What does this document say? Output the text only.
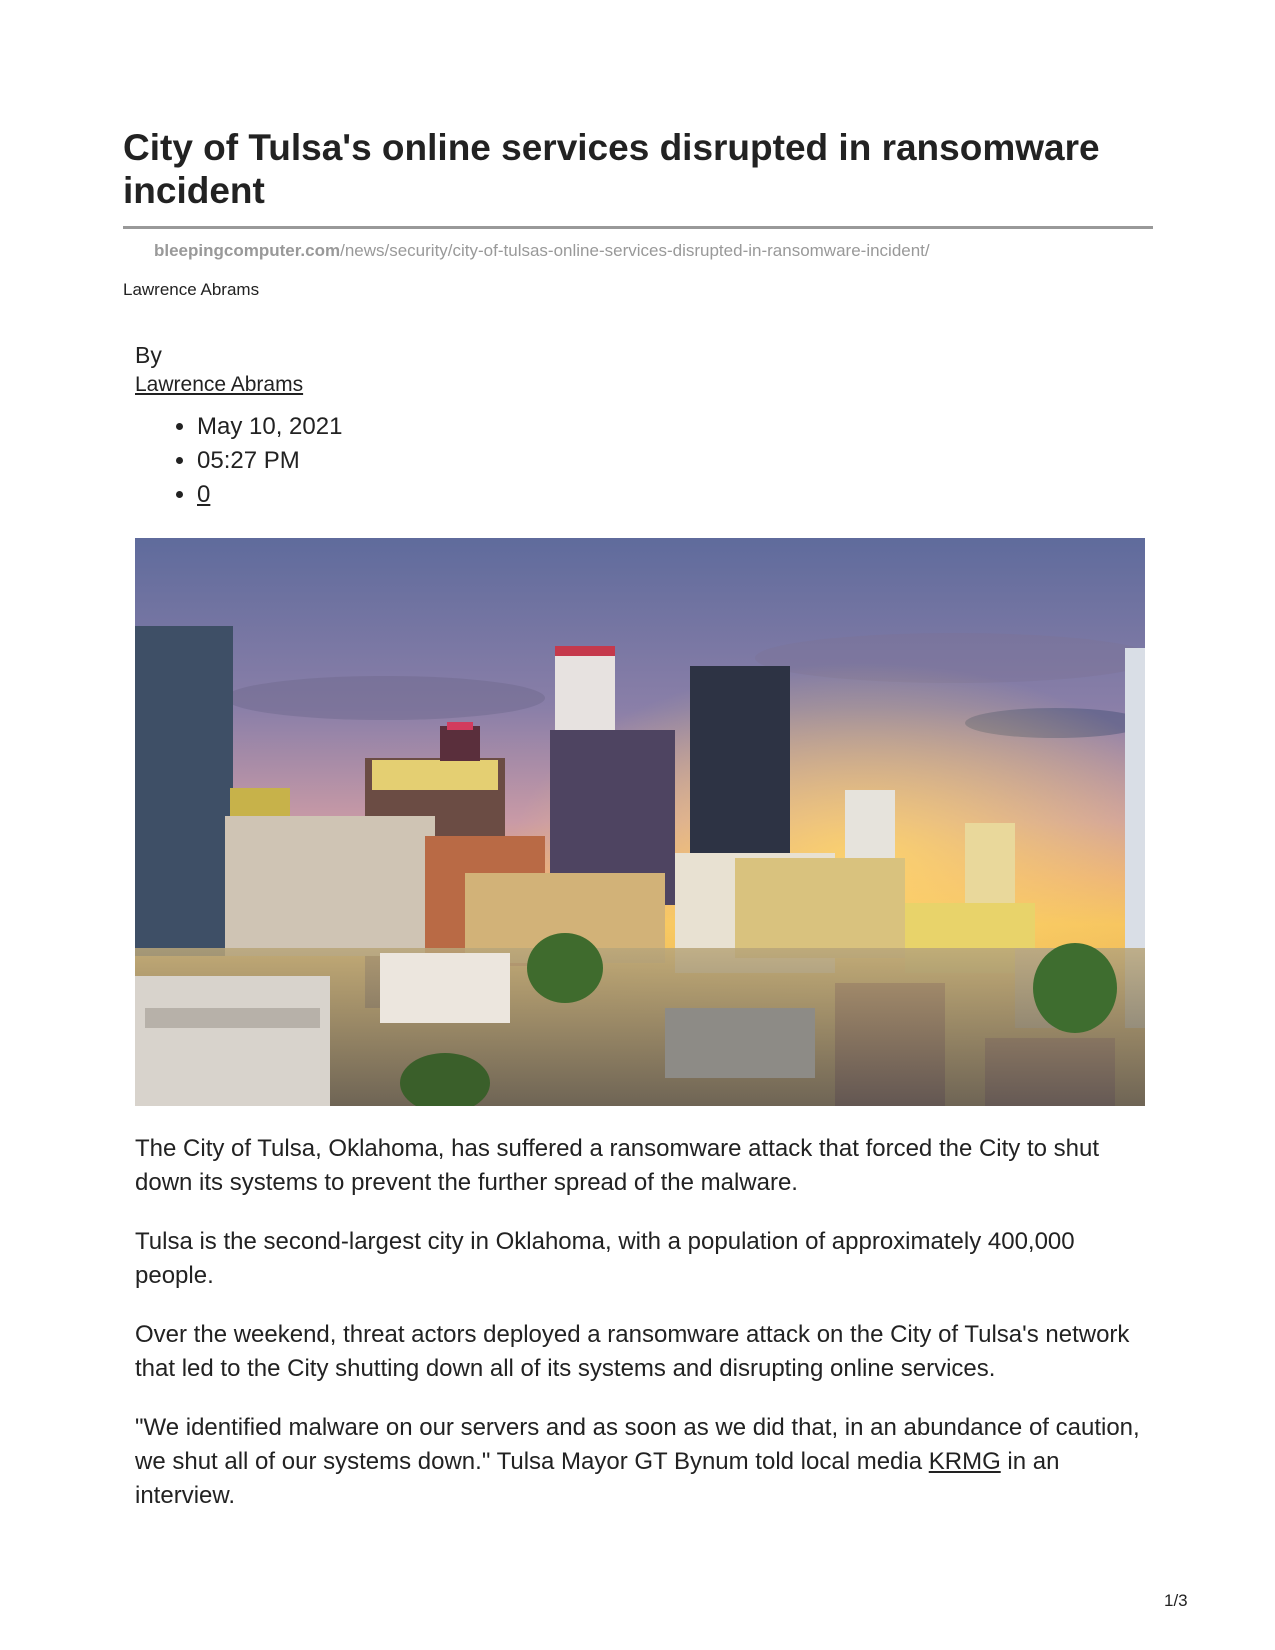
City of Tulsa's online services disrupted in ransomware incident
bleepingcomputer.com/news/security/city-of-tulsas-online-services-disrupted-in-ransomware-incident/
Lawrence Abrams
By
Lawrence Abrams
• May 10, 2021
• 05:27 PM
• 0

The City of Tulsa, Oklahoma, has suffered a ransomware attack that forced the City to shut down its systems to prevent the further spread of the malware.

Tulsa is the second-largest city in Oklahoma, with a population of approximately 400,000 people.

Over the weekend, threat actors deployed a ransomware attack on the City of Tulsa's network that led to the City shutting down all of its systems and disrupting online services.

"We identified malware on our servers and as soon as we did that, in an abundance of caution, we shut all of our systems down." Tulsa Mayor GT Bynum told local media KRMG in an interview.

1/3
